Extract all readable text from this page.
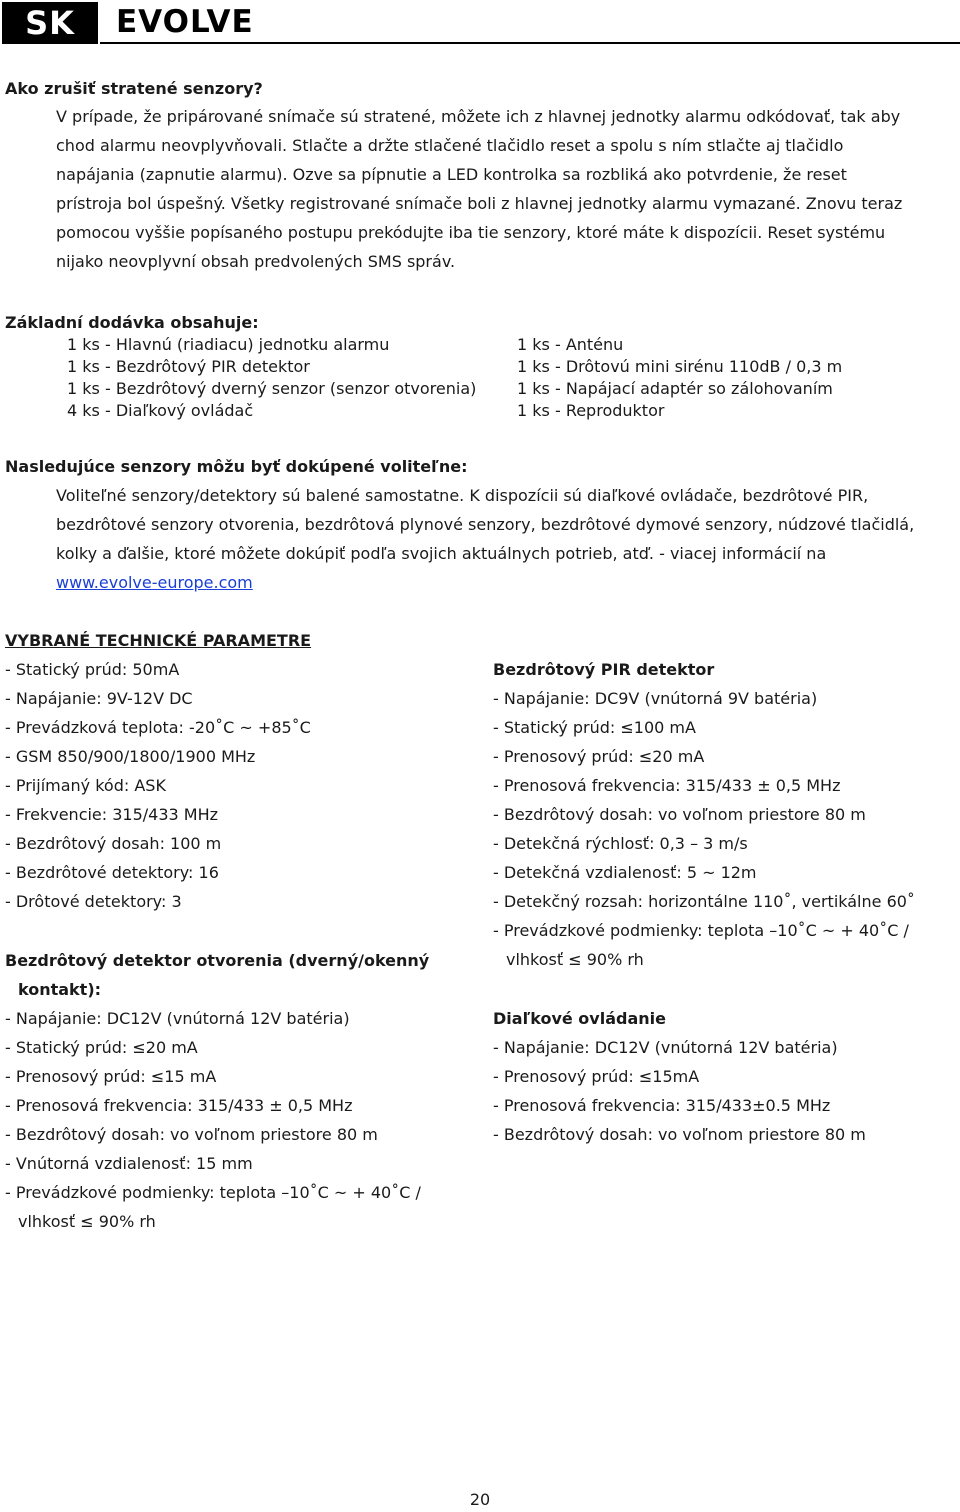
SK	EVOLVE
Ako zrušiť stratené senzory?
V prípade, že pripárované snímače sú stratené, môžete ich z hlavnej jednotky alarmu odkódovať, tak aby
chod alarmu neovplyvňovali. Stlačte a držte stlačené tlačidlo reset a spolu s ním stlačte aj tlačidlo
napájania (zapnutie alarmu). Ozve sa pípnutie a LED kontrolka sa rozbliká ako potvrdenie, že reset
prístroja bol úspešný. Všetky registrované snímače boli z hlavnej jednotky alarmu vymazané. Znovu teraz
pomocou vyššie popísaného postupu prekódujte iba tie senzory, ktoré máte k dispozícii. Reset systému
nijako neovplyvní obsah predvolených SMS správ.
Základní dodávka obsahuje:
1 ks - Hlavnú (riadiacu) jednotku alarmu
1 ks - Bezdrôtový PIR detektor
1 ks - Bezdrôtový dverný senzor (senzor otvorenia)
4 ks - Diaľkový ovládač
1 ks - Anténu
1 ks - Drôtovú mini sirénu 110dB / 0,3 m
1 ks - Napájací adaptér so zálohovaním
1 ks - Reproduktor
Nasledujúce senzory môžu byť dokúpené voliteľne:
Voliteľné senzory/detektory sú balené samostatne. K dispozícii sú diaľkové ovládače, bezdrôtové PIR,
bezdrôtové senzory otvorenia, bezdrôtová plynové senzory, bezdrôtové dymové senzory, núdzové tlačidlá,
kolky a ďalšie, ktoré môžete dokúpiť podľa svojich aktuálnych potrieb, atď. - viacej informácií na
www.evolve-europe.com
VYBRANÉ TECHNICKÉ PARAMETRE
- Statický prúd: 50mA
- Napájanie: 9V-12V DC
- Prevádzková teplota: -20˚C ~ +85˚C
- GSM 850/900/1800/1900 MHz
- Prijímaný kód: ASK
- Frekvencie: 315/433 MHz
- Bezdrôtový dosah: 100 m
- Bezdrôtové detektory: 16
- Drôtové detektory: 3
Bezdrôtový detektor otvorenia (dverný/okenný
kontakt):
- Napájanie: DC12V (vnútorná 12V batéria)
- Statický prúd: ≤20 mA
- Prenosový prúd: ≤15 mA
- Prenosová frekvencia: 315/433 ± 0,5 MHz
- Bezdrôtový dosah: vo voľnom priestore 80 m
- Vnútorná vzdialenosť: 15 mm
- Prevádzkové podmienky: teplota –10˚C ~ + 40˚C /
vlhkosť ≤ 90% rh
Bezdrôtový PIR detektor
- Napájanie: DC9V (vnútorná 9V batéria)
- Statický prúd: ≤100 mA
- Prenosový prúd: ≤20 mA
- Prenosová frekvencia: 315/433 ± 0,5 MHz
- Bezdrôtový dosah: vo voľnom priestore 80 m
- Detekčná rýchlosť: 0,3 – 3 m/s
- Detekčná vzdialenosť: 5 ~ 12m
- Detekčný rozsah: horizontálne 110˚, vertikálne 60˚
- Prevádzkové podmienky: teplota –10˚C ~ + 40˚C /
vlhkosť ≤ 90% rh
Diaľkové ovládanie
- Napájanie: DC12V (vnútorná 12V batéria)
- Prenosový prúd: ≤15mA
- Prenosová frekvencia: 315/433±0.5 MHz
- Bezdrôtový dosah: vo voľnom priestore 80 m
20
